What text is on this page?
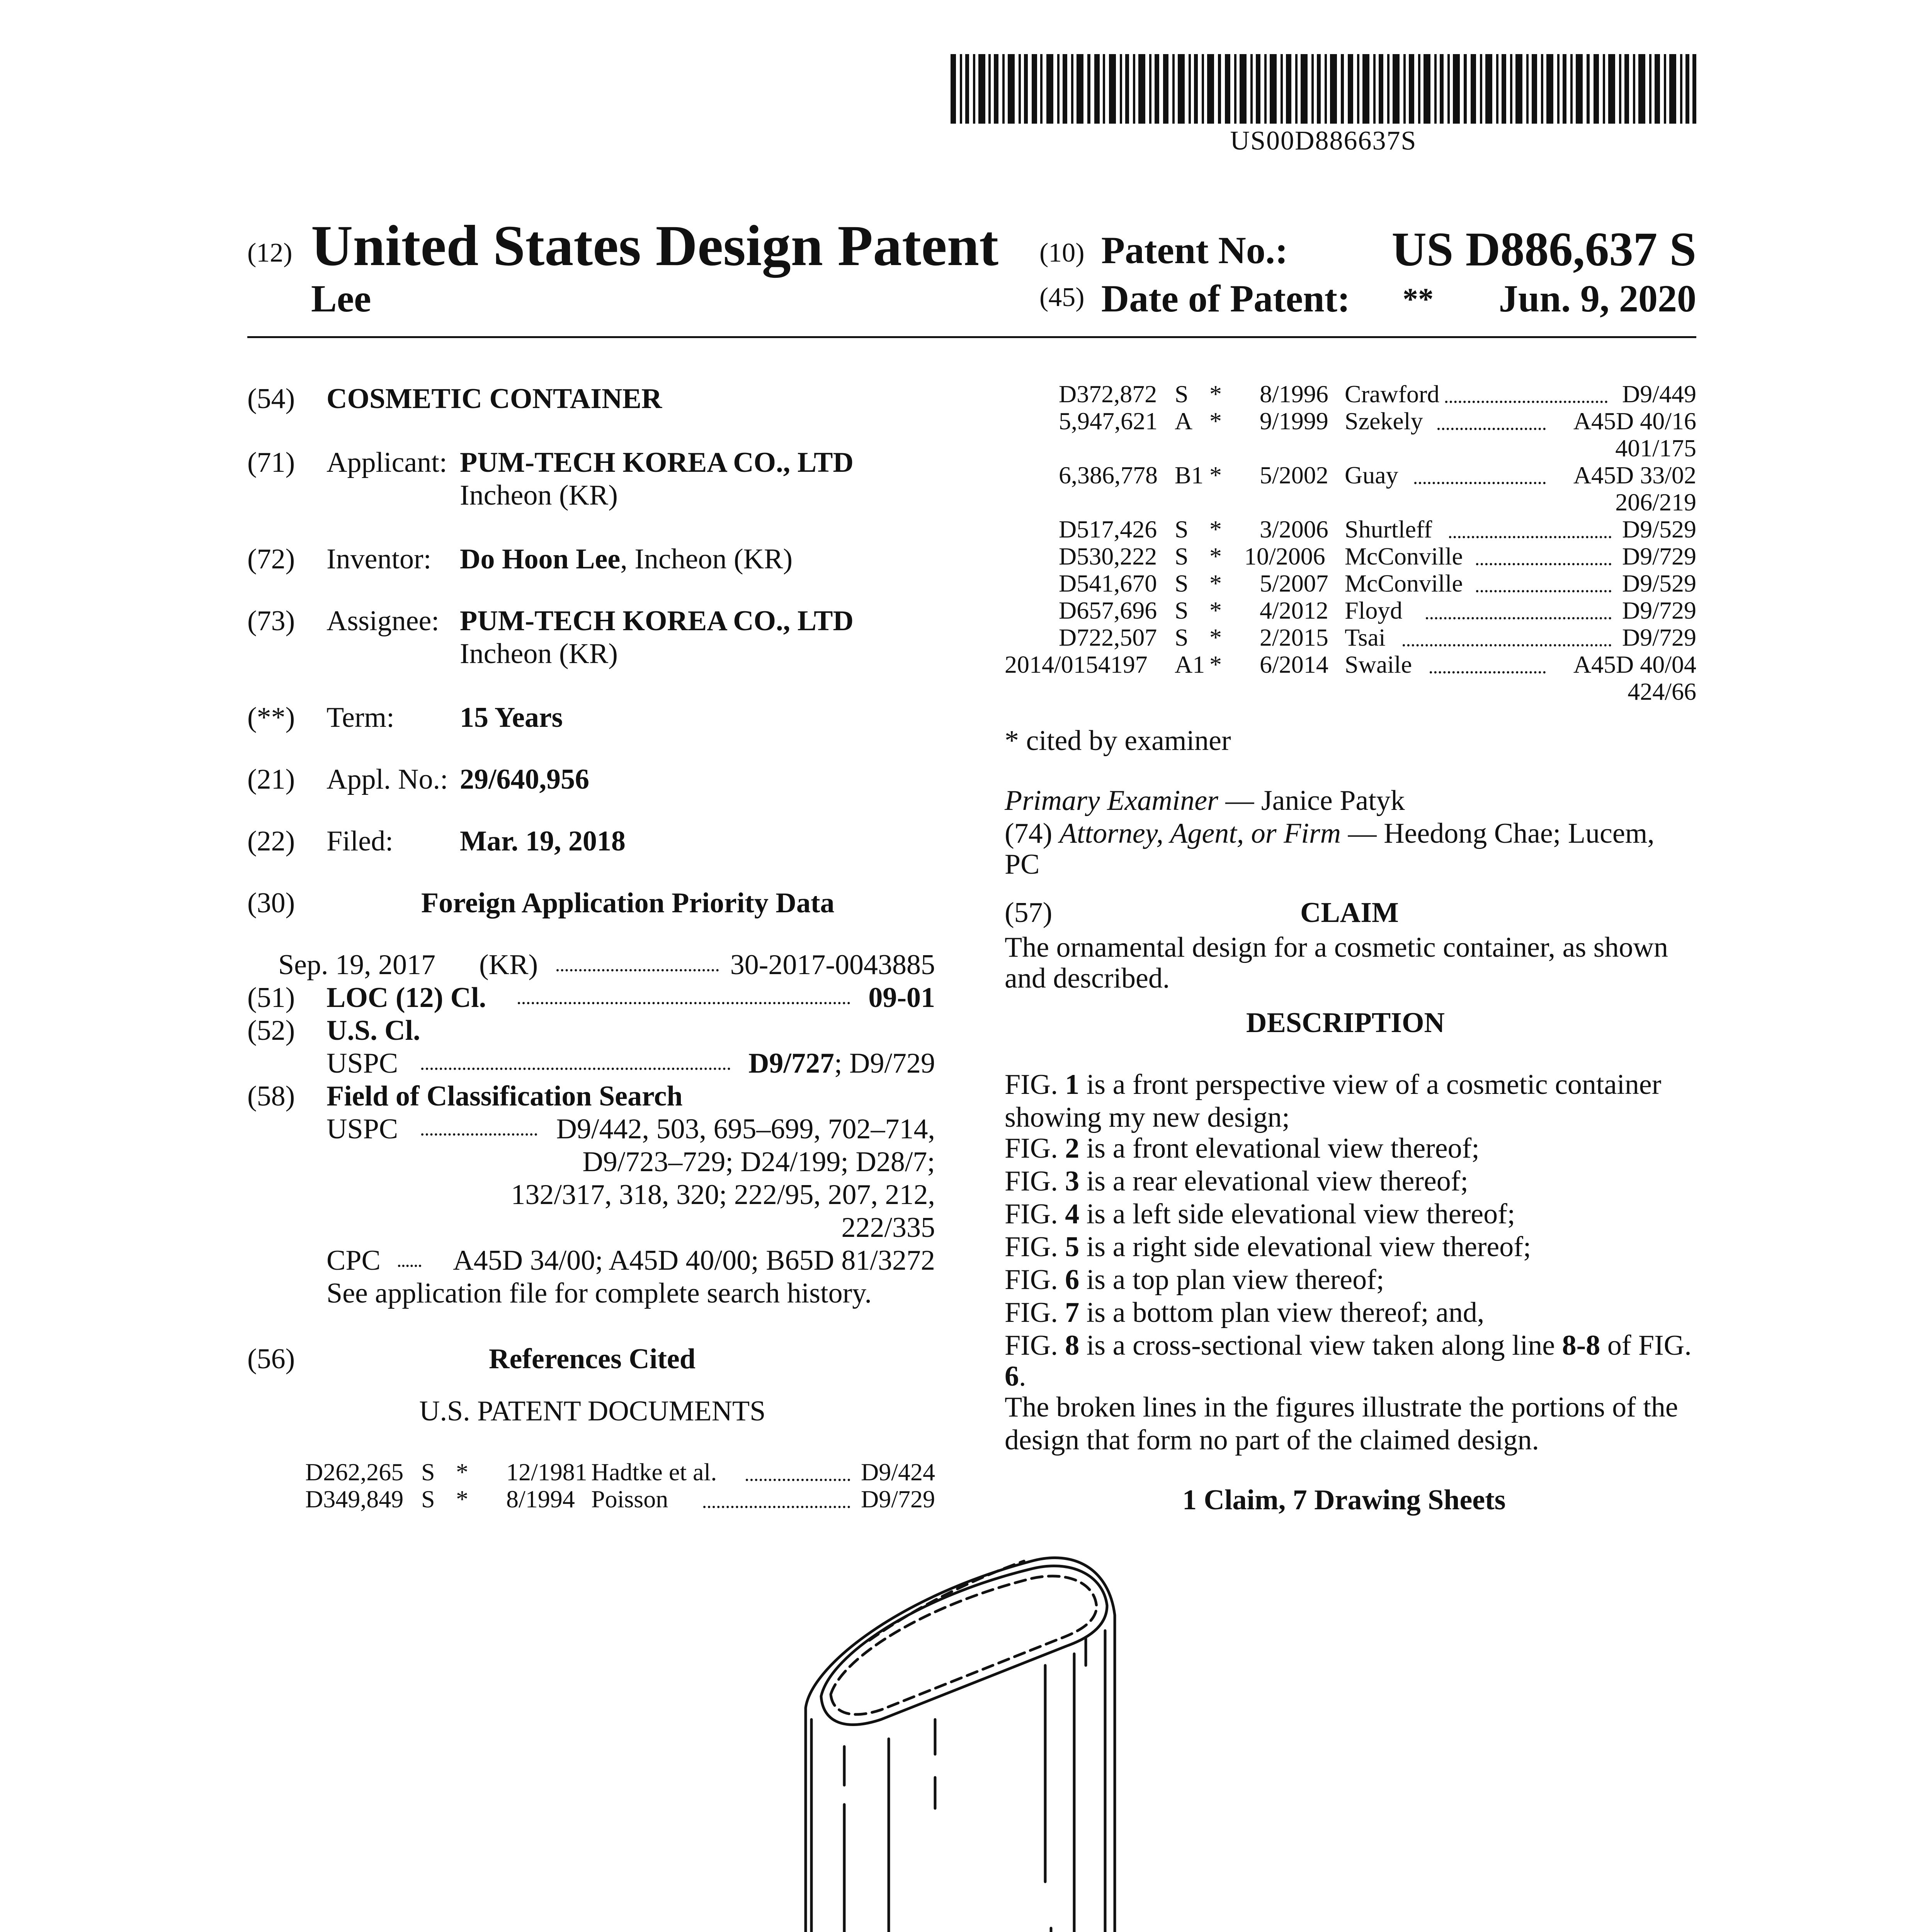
US00D886637S
(12) United States Design Patent (10) Patent No.: US D886,637 S
Lee	(45) Date of Patent: ** Jun. 9, 2020
(54) COSMETIC CONTAINER
(71) Applicant: PUM-TECH KOREA CO., LTD
Incheon (KR)
(72) Inventor: Do Hoon Lee, Incheon (KR)
(73) Assignee: PUM-TECH KOREA CO., LTD
Incheon (KR)
(**) Term: 15 Years
(21) Appl. No.: 29/640,956
(22) Filed: Mar. 19, 2018
(30)	Foreign Application Priority Data
Sep. 19, 2017 (KR)	30-2017-0043885
(51) LOC (12) Cl.	09-01
(52) U.S. Cl.
USPC	D9/727; D9/729
(58) Field of Classification Search
USPC	D9/442, 503, 695–699, 702–714,
D9/723–729; D24/199; D28/7;
132/317, 318, 320; 222/95, 207, 212,
222/335
CPC	A45D 34/00; A45D 40/00; B65D 81/3272
See application file for complete search history.
(56)	References Cited
U.S. PATENT DOCUMENTS
D262,265 S * 12/1981 Hadtke et al.	D9/424
D349,849 S * 8/1994 Poisson	D9/729
D372,872 S * 8/1996 Crawford	D9/449
5,947,621 A * 9/1999 Szekely	A45D 40/16
401/175
6,386,778 B1 * 5/2002 Guay	A45D 33/02
206/219
D517,426 S * 3/2006 Shurtleff	D9/529
D530,222 S * 10/2006 McConville	D9/729
D541,670 S * 5/2007 McConville	D9/529
D657,696 S * 4/2012 Floyd	D9/729
D722,507 S * 2/2015 Tsai	D9/729
2014/0154197 A1 * 6/2014 Swaile	A45D 40/04
424/66
* cited by examiner
Primary Examiner — Janice Patyk
(74) Attorney, Agent, or Firm — Heedong Chae; Lucem,
PC
(57)	CLAIM
The ornamental design for a cosmetic container, as shown
and described.
DESCRIPTION
FIG. 1 is a front perspective view of a cosmetic container
showing my new design;
FIG. 2 is a front elevational view thereof;
FIG. 3 is a rear elevational view thereof;
FIG. 4 is a left side elevational view thereof;
FIG. 5 is a right side elevational view thereof;
FIG. 6 is a top plan view thereof;
FIG. 7 is a bottom plan view thereof; and,
FIG. 8 is a cross-sectional view taken along line 8-8 of FIG.
6.
The broken lines in the figures illustrate the portions of the
design that form no part of the claimed design.
1 Claim, 7 Drawing Sheets
